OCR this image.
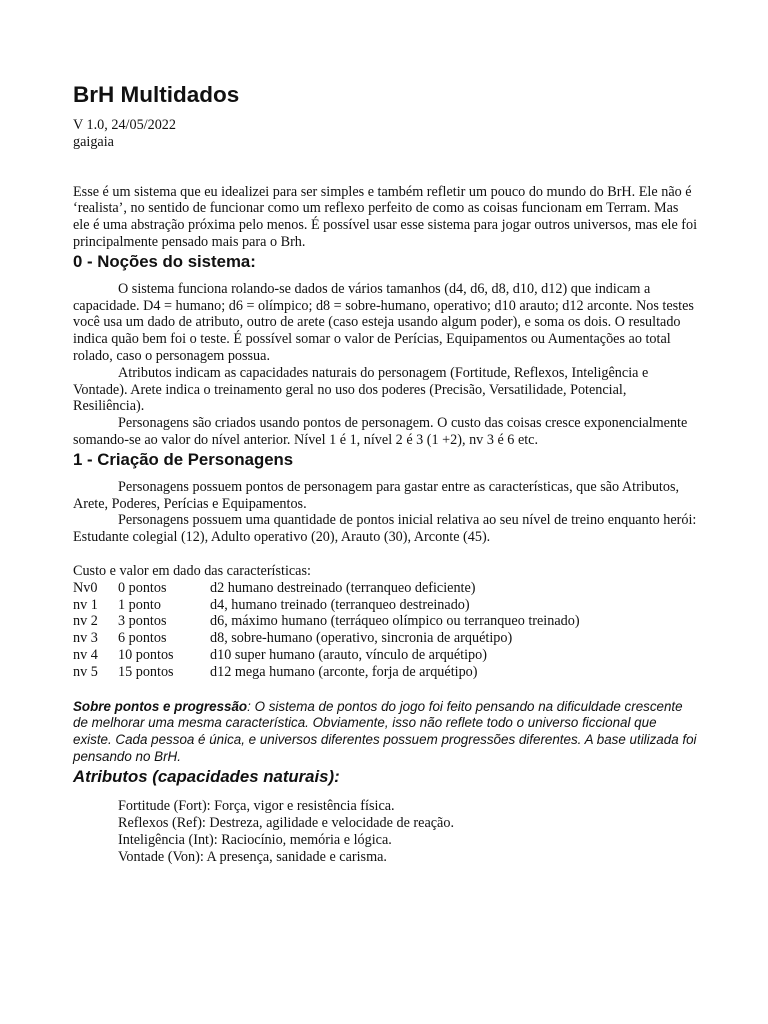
BrH Multidados
V 1.0, 24/05/2022
gaigaia

Esse é um sistema que eu idealizei para ser simples e também refletir um pouco do mundo do BrH. Ele não é ‘realista’, no sentido de funcionar como um reflexo perfeito de como as coisas funcionam em Terram. Mas ele é uma abstração próxima pelo menos. É possível usar esse sistema para jogar outros universos, mas ele foi principalmente pensado mais para o Brh.

0 - Noções do sistema:

O sistema funciona rolando-se dados de vários tamanhos (d4, d6, d8, d10, d12) que indicam a capacidade. D4 = humano; d6 = olímpico; d8 = sobre-humano, operativo; d10 arauto; d12 arconte. Nos testes você usa um dado de atributo, outro de arete (caso esteja usando algum poder), e soma os dois. O resultado indica quão bem foi o teste. É possível somar o valor de Perícias, Equipamentos ou Aumentações ao total rolado, caso o personagem possua.

Atributos indicam as capacidades naturais do personagem (Fortitude, Reflexos, Inteligência e Vontade). Arete indica o treinamento geral no uso dos poderes (Precisão, Versatilidade, Potencial, Resiliência).

Personagens são criados usando pontos de personagem. O custo das coisas cresce exponencialmente somando-se ao valor do nível anterior. Nível 1 é 1, nível 2 é 3 (1 +2), nv 3 é 6 etc.

1 - Criação de Personagens

Personagens possuem pontos de personagem para gastar entre as características, que são Atributos, Arete, Poderes, Perícias e Equipamentos.

Personagens possuem uma quantidade de pontos inicial relativa ao seu nível de treino enquanto herói: Estudante colegial (12), Adulto operativo (20), Arauto (30), Arconte (45).

Custo e valor em dado das características:
Nv0	0 pontos	d2 humano destreinado (terranqueo deficiente)
nv 1	1 ponto	d4, humano treinado (terranqueo destreinado)
nv 2	3 pontos	d6, máximo humano (terráqueo olímpico ou terranqueo treinado)
nv 3	6 pontos	d8, sobre-humano (operativo, sincronia de arquétipo)
nv 4	10 pontos	d10 super humano (arauto, vínculo de arquétipo)
nv 5	15 pontos	d12 mega humano (arconte, forja de arquétipo)

Sobre pontos e progressão: O sistema de pontos do jogo foi feito pensando na dificuldade crescente de melhorar uma mesma característica. Obviamente, isso não reflete todo o universo ficcional que existe. Cada pessoa é única, e universos diferentes possuem progressões diferentes. A base utilizada foi pensando no BrH.

Atributos (capacidades naturais):
Fortitude (Fort): Força, vigor e resistência física.
Reflexos (Ref): Destreza, agilidade e velocidade de reação.
Inteligência (Int): Raciocínio, memória e lógica.
Vontade (Von): A presença, sanidade e carisma.
